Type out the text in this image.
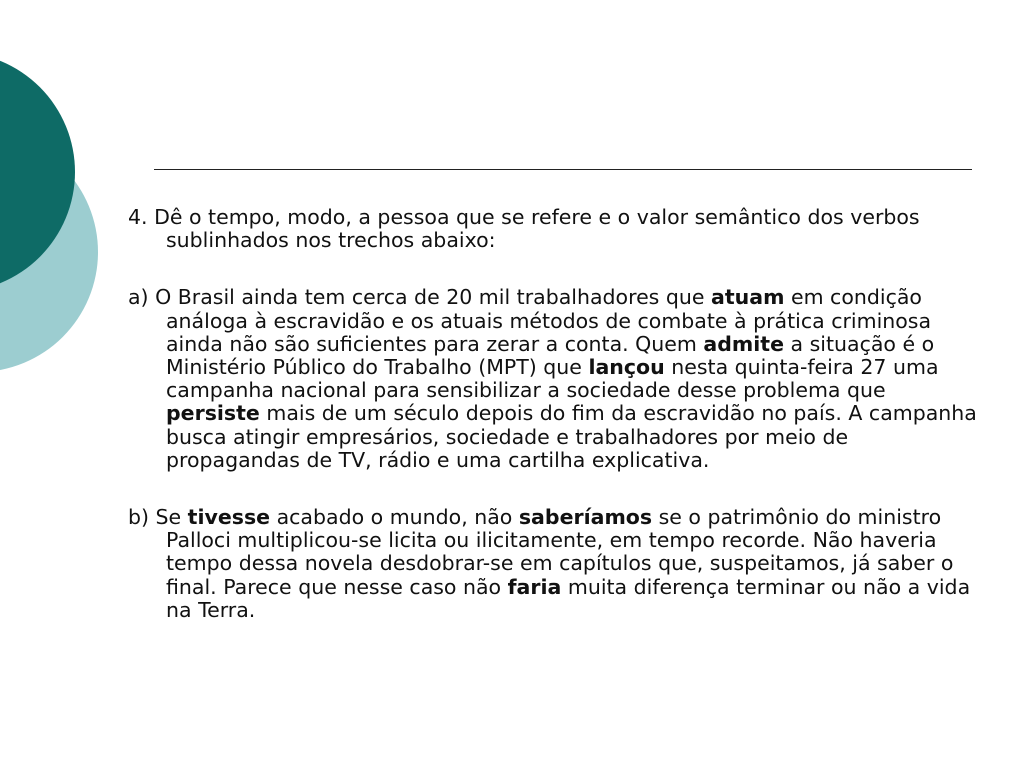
4. Dê o tempo, modo, a pessoa que se refere e o valor semântico dos verbos sublinhados nos trechos abaixo:

a) O Brasil ainda tem cerca de 20 mil trabalhadores que atuam em condição análoga à escravidão e os atuais métodos de combate à prática criminosa ainda não são suficientes para zerar a conta. Quem admite a situação é o Ministério Público do Trabalho (MPT) que lançou nesta quinta-feira 27 uma campanha nacional para sensibilizar a sociedade desse problema que persiste mais de um século depois do fim da escravidão no país. A campanha busca atingir empresários, sociedade e trabalhadores por meio de propagandas de TV, rádio e uma cartilha explicativa.

b) Se tivesse acabado o mundo, não saberíamos se o patrimônio do ministro Palloci multiplicou-se licita ou ilicitamente, em tempo recorde. Não haveria tempo dessa novela desdobrar-se em capítulos que, suspeitamos, já saber o final. Parece que nesse caso não faria muita diferença terminar ou não a vida na Terra.
